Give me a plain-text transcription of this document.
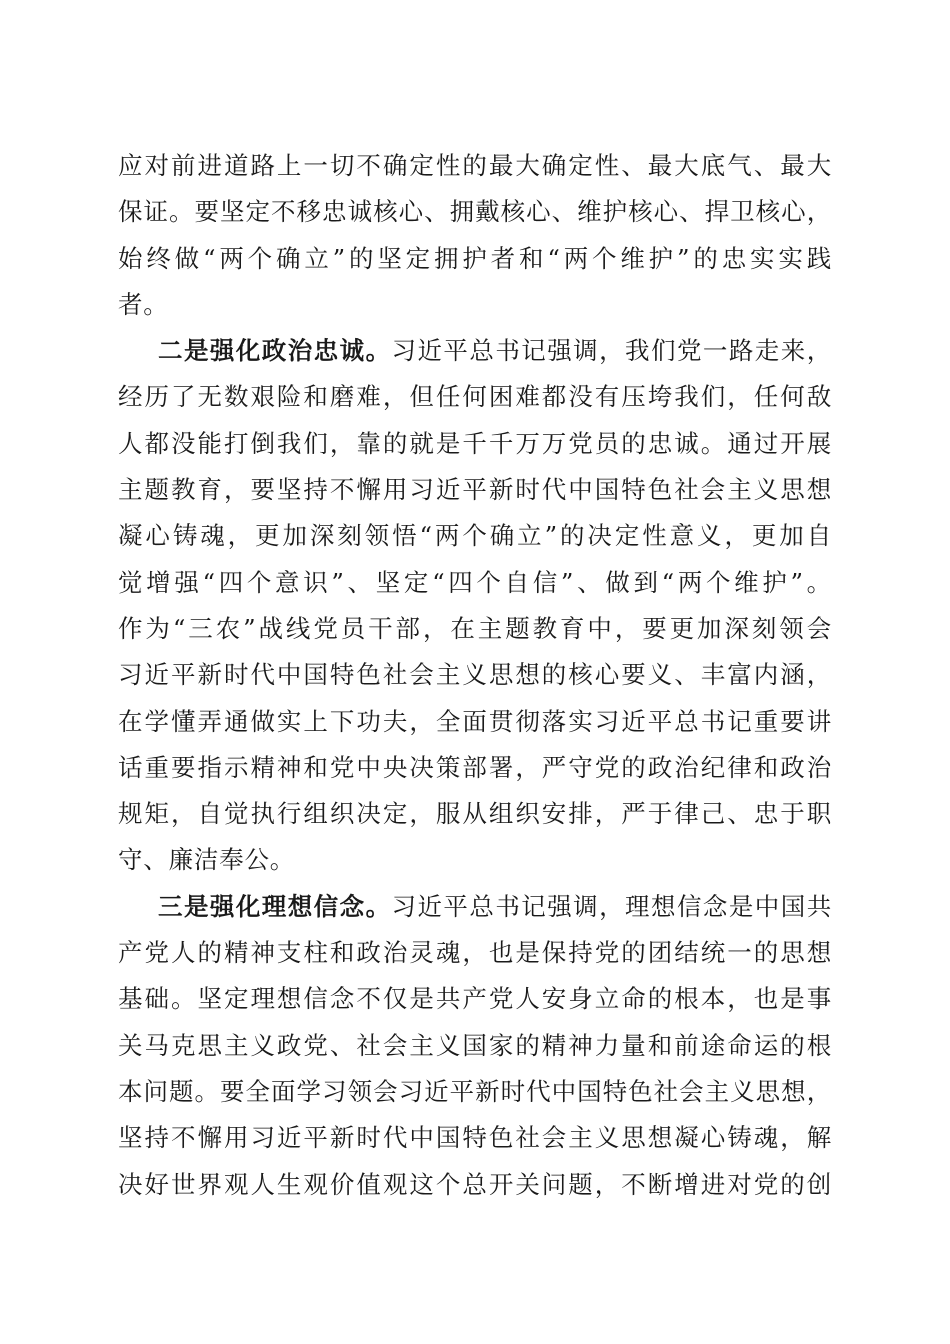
应对前进道路上一切不确定性的最大确定性、最大底气、最大
保证。要坚定不移忠诚核心、拥戴核心、维护核心、捍卫核心，
始终做“两个确立”的坚定拥护者和“两个维护”的忠实实践
者。
二是强化政治忠诚。习近平总书记强调，我们党一路走来，
经历了无数艰险和磨难，但任何困难都没有压垮我们，任何敌
人都没能打倒我们，靠的就是千千万万党员的忠诚。通过开展
主题教育，要坚持不懈用习近平新时代中国特色社会主义思想
凝心铸魂，更加深刻领悟“两个确立”的决定性意义，更加自
觉增强“四个意识”、坚定“四个自信”、做到“两个维护”。
作为“三农”战线党员干部，在主题教育中，要更加深刻领会
习近平新时代中国特色社会主义思想的核心要义、丰富内涵，
在学懂弄通做实上下功夫，全面贯彻落实习近平总书记重要讲
话重要指示精神和党中央决策部署，严守党的政治纪律和政治
规矩，自觉执行组织决定，服从组织安排，严于律己、忠于职
守、廉洁奉公。
三是强化理想信念。习近平总书记强调，理想信念是中国共
产党人的精神支柱和政治灵魂，也是保持党的团结统一的思想
基础。坚定理想信念不仅是共产党人安身立命的根本，也是事
关马克思主义政党、社会主义国家的精神力量和前途命运的根
本问题。要全面学习领会习近平新时代中国特色社会主义思想，
坚持不懈用习近平新时代中国特色社会主义思想凝心铸魂，解
决好世界观人生观价值观这个总开关问题，不断增进对党的创
